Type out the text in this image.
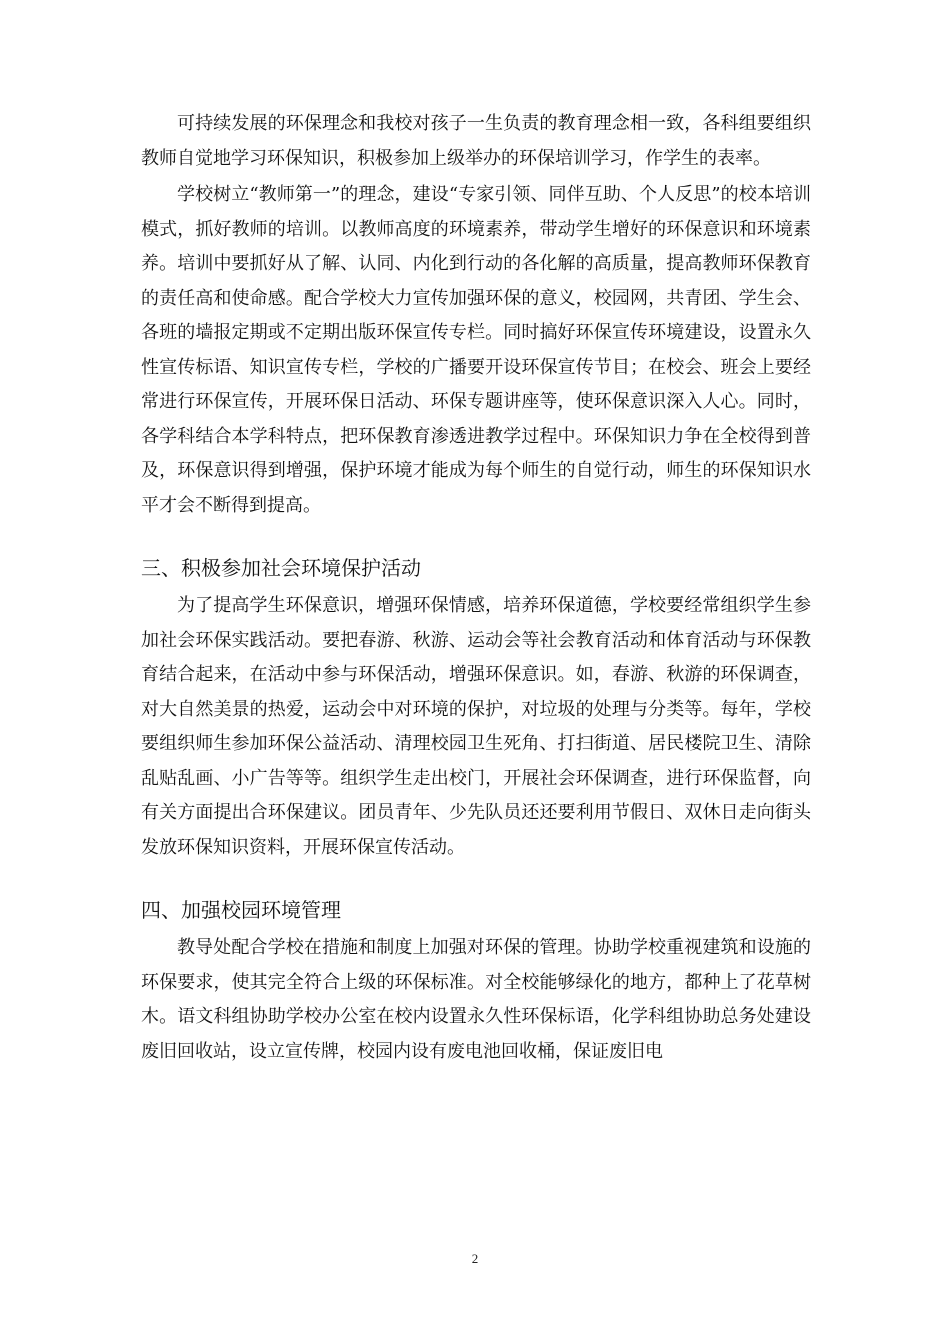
可持续发展的环保理念和我校对孩子一生负责的教育理念相一致，各科组要组织教师自觉地学习环保知识，积极参加上级举办的环保培训学习，作学生的表率。

学校树立“教师第一”的理念，建设“专家引领、同伴互助、个人反思”的校本培训模式，抓好教师的培训。以教师高度的环境素养，带动学生增好的环保意识和环境素养。培训中要抓好从了解、认同、内化到行动的各化解的高质量，提高教师环保教育的责任高和使命感。配合学校大力宣传加强环保的意义，校园网，共青团、学生会、各班的墙报定期或不定期出版环保宣传专栏。同时搞好环保宣传环境建设，设置永久性宣传标语、知识宣传专栏，学校的广播要开设环保宣传节目；在校会、班会上要经常进行环保宣传，开展环保日活动、环保专题讲座等，使环保意识深入人心。同时，各学科结合本学科特点，把环保教育渗透进教学过程中。环保知识力争在全校得到普及，环保意识得到增强，保护环境才能成为每个师生的自觉行动，师生的环保知识水平才会不断得到提高。

三、积极参加社会环境保护活动

为了提高学生环保意识，增强环保情感，培养环保道德，学校要经常组织学生参加社会环保实践活动。要把春游、秋游、运动会等社会教育活动和体育活动与环保教育结合起来，在活动中参与环保活动，增强环保意识。如，春游、秋游的环保调查，对大自然美景的热爱，运动会中对环境的保护，对垃圾的处理与分类等。每年，学校要组织师生参加环保公益活动、清理校园卫生死角、打扫街道、居民楼院卫生、清除乱贴乱画、小广告等等。组织学生走出校门，开展社会环保调查，进行环保监督，向有关方面提出合环保建议。团员青年、少先队员还还要利用节假日、双休日走向街头发放环保知识资料，开展环保宣传活动。

四、加强校园环境管理

教导处配合学校在措施和制度上加强对环保的管理。协助学校重视建筑和设施的环保要求，使其完全符合上级的环保标准。对全校能够绿化的地方，都种上了花草树木。语文科组协助学校办公室在校内设置永久性环保标语，化学科组协助总务处建设废旧回收站，设立宣传牌，校园内设有废电池回收桶，保证废旧电

2
